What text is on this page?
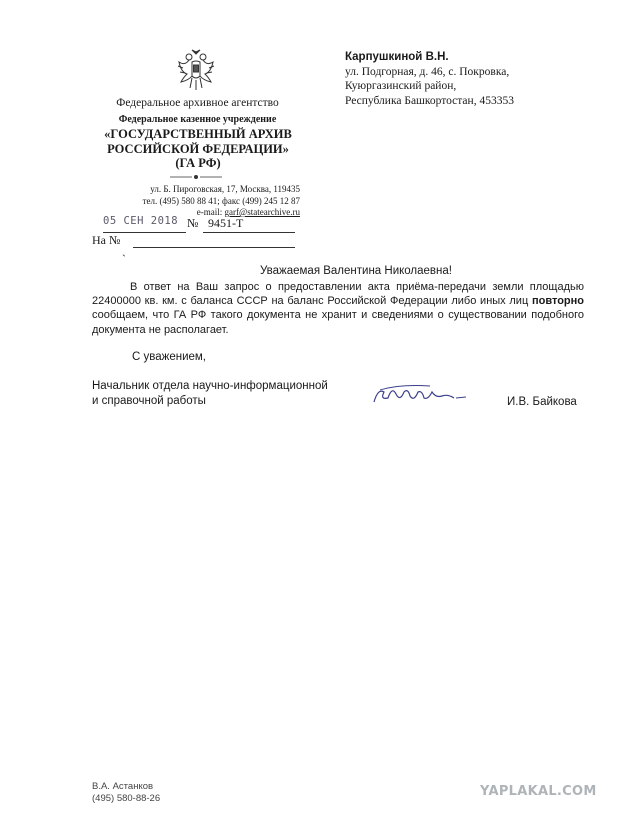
Федеральное архивное агентство
Федеральное казенное учреждение
«ГОСУДАРСТВЕННЫЙ АРХИВ
РОССИЙСКОЙ ФЕДЕРАЦИИ»
(ГА РФ)
ул. Б. Пироговская, 17, Москва, 119435
тел. (495) 580 88 41; факс (499) 245 12 87
e-mail: garf@statearchive.ru
05 СЕН 2018 № 9451-Т
На №
`
Карпушкиной В.Н.
ул. Подгорная, д. 46, с. Покровка,
Куюргазинский район,
Республика Башкортостан, 453353
Уважаемая Валентина Николаевна!
В ответ на Ваш запрос о предоставлении акта приёма-передачи земли площадью 22400000 кв. км. с баланса СССР на баланс Российской Федерации либо иных лиц повторно сообщаем, что ГА РФ такого документа не хранит и сведениями о существовании подобного документа не располагает.
С уважением,
Начальник отдела научно-информационной
и справочной работы	И.В. Байкова
В.А. Астанков
(495) 580-88-26	YAPLAKAL.COM
